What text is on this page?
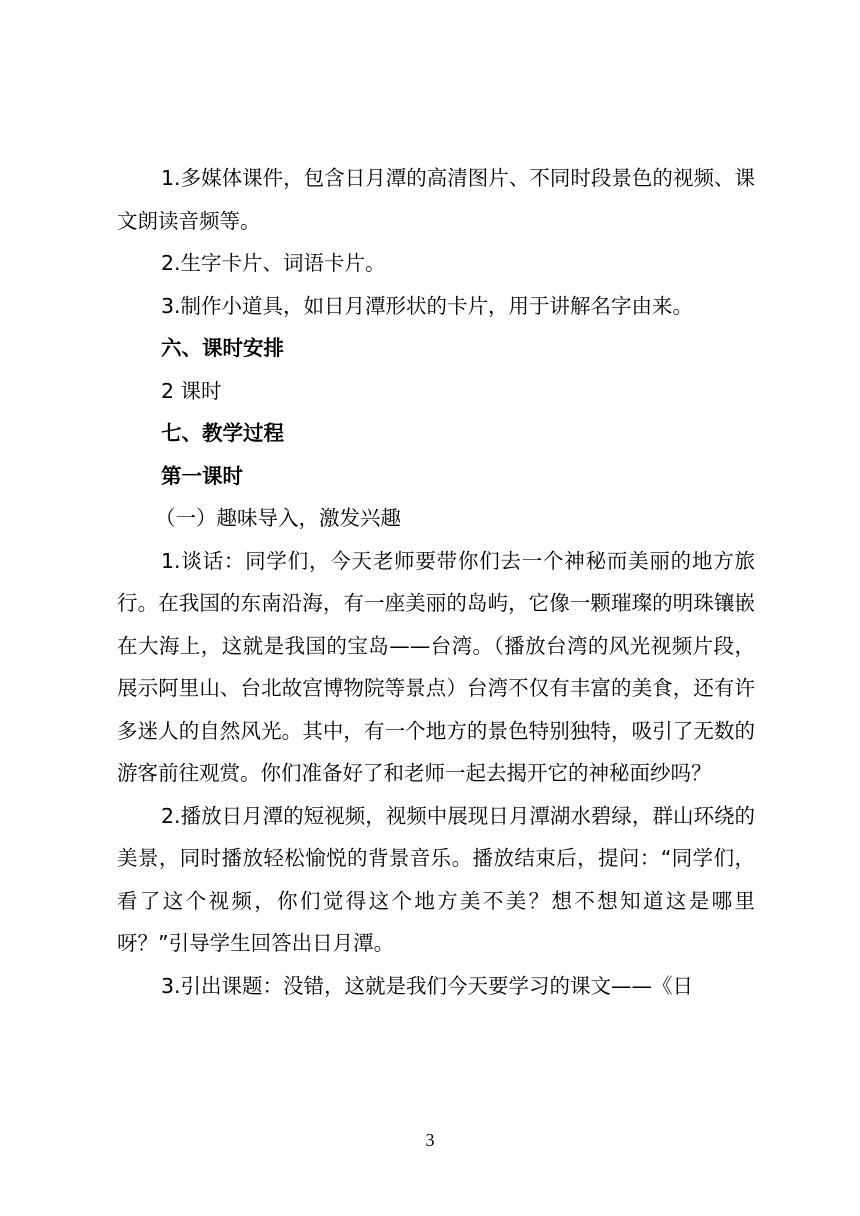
1.多媒体课件，包含日月潭的高清图片、不同时段景色的视频、课文朗读音频等。

2.生字卡片、词语卡片。

3.制作小道具，如日月潭形状的卡片，用于讲解名字由来。

六、课时安排

2 课时

七、教学过程

第一课时

（一）趣味导入，激发兴趣

1.谈话：同学们，今天老师要带你们去一个神秘而美丽的地方旅行。在我国的东南沿海，有一座美丽的岛屿，它像一颗璀璨的明珠镶嵌在大海上，这就是我国的宝岛——台湾。（播放台湾的风光视频片段，展示阿里山、台北故宫博物院等景点）台湾不仅有丰富的美食，还有许多迷人的自然风光。其中，有一个地方的景色特别独特，吸引了无数的游客前往观赏。你们准备好了和老师一起去揭开它的神秘面纱吗？

2.播放日月潭的短视频，视频中展现日月潭湖水碧绿，群山环绕的美景，同时播放轻松愉悦的背景音乐。播放结束后，提问：“同学们，看了这个视频，你们觉得这个地方美不美？想不想知道这是哪里呀？”引导学生回答出日月潭。

3.引出课题：没错，这就是我们今天要学习的课文——《日

3
